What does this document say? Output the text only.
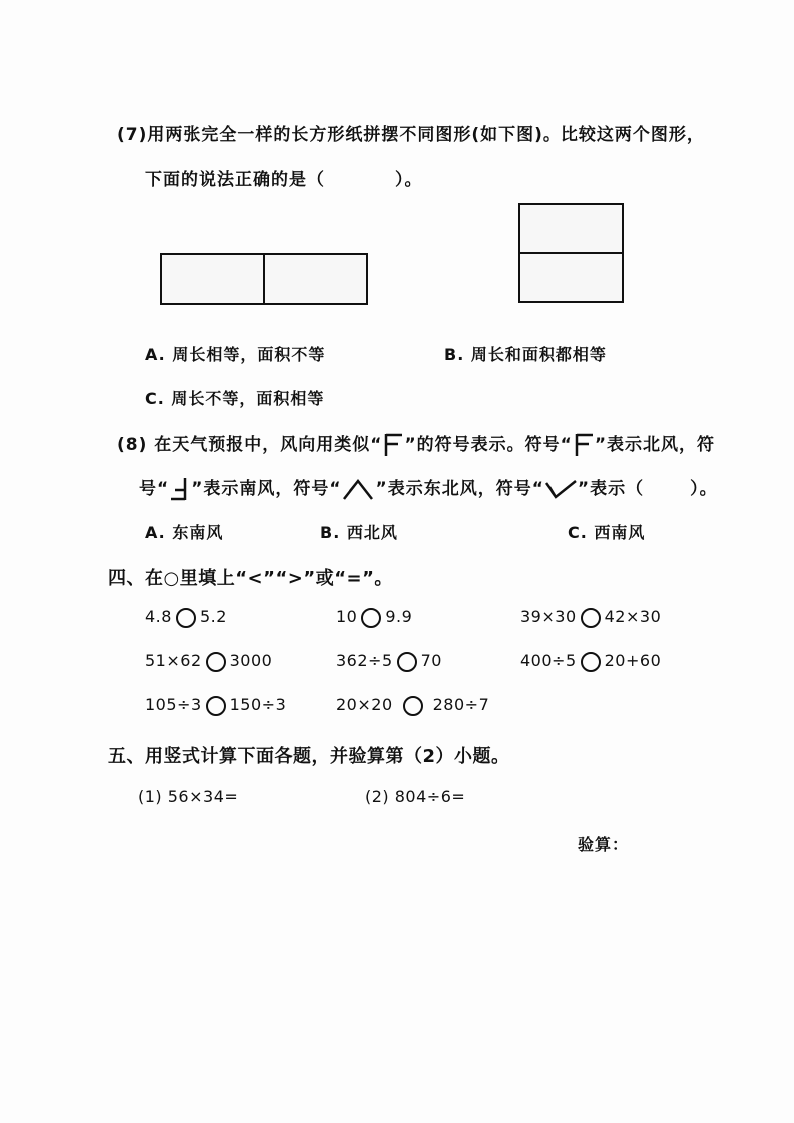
(7)用两张完全一样的长方形纸拼摆不同图形(如下图)。比较这两个图形，
下面的说法正确的是（	）。
A. 周长相等，面积不等	B. 周长和面积都相等
C. 周长不等，面积相等
(8) 在天气预报中，风向用类似“ ”的符号表示。符号“ ”表示北风，符
号“ ”表示南风，符号“ ”表示东北风，符号“ ”表示（	）。
A. 东南风	B. 西北风	C. 西南风
四、在○里填上“<”“>”或“=”。
4.8 5.2	10 9.9	39×30 42×30
51×62 3000	362÷5 70	400÷5 20+60
105÷3 150÷3	20×20	280÷7
五、用竖式计算下面各题，并验算第（2）小题。
(1) 56×34=	(2) 804÷6=
验算：
